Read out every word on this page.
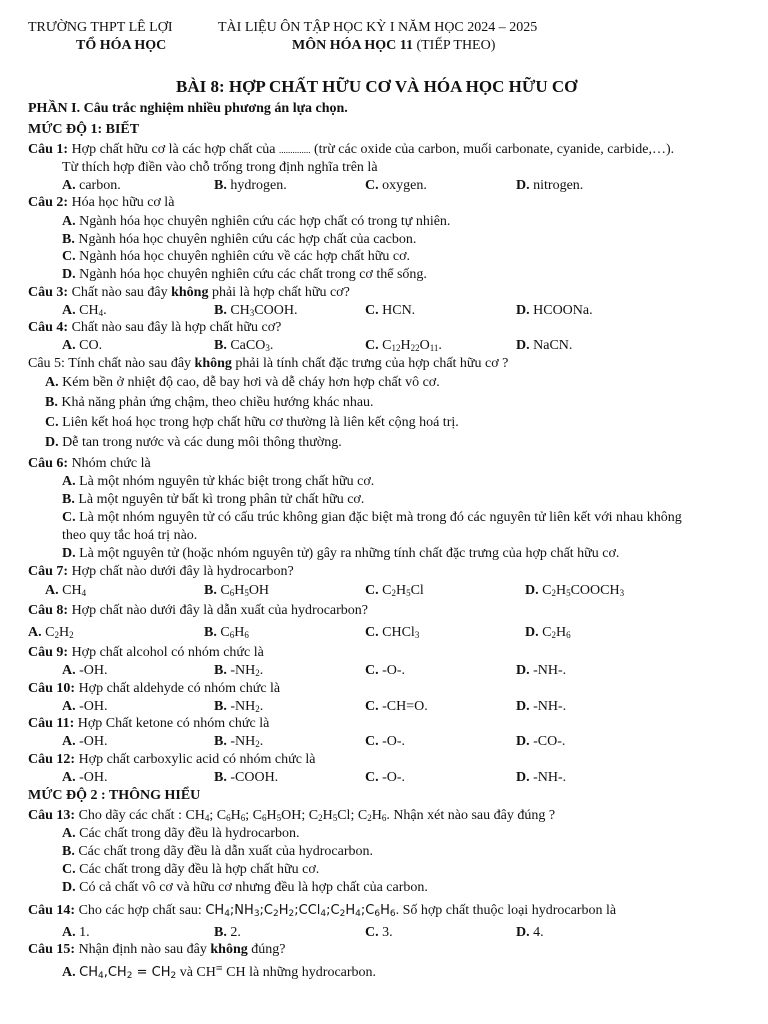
TRƯỜNG THPT LÊ LỢI	TÀI LIỆU ÔN TẬP HỌC KỲ I NĂM HỌC 2024 – 2025
TỔ HÓA HỌC	MÔN HÓA HỌC 11 (TIẾP THEO)
BÀI 8: HỢP CHẤT HỮU CƠ VÀ HÓA HỌC HỮU CƠ
PHẦN I. Câu trắc nghiệm nhiều phương án lựa chọn.
MỨC ĐỘ 1: BIẾT
Câu 1: Hợp chất hữu cơ là các hợp chất của .............. (trừ các oxide của carbon, muối carbonate, cyanide, carbide,…).
Từ thích hợp điền vào chỗ trống trong định nghĩa trên là
A. carbon.	B. hydrogen.	C. oxygen.	D. nitrogen.
Câu 2: Hóa học hữu cơ là
A. Ngành hóa học chuyên nghiên cứu các hợp chất có trong tự nhiên.
B. Ngành hóa học chuyên nghiên cứu các hợp chất của cacbon.
C. Ngành hóa học chuyên nghiên cứu về các hợp chất hữu cơ.
D. Ngành hóa học chuyên nghiên cứu các chất trong cơ thể sống.
Câu 3: Chất nào sau đây không phải là hợp chất hữu cơ?
A. $CH_4$.	B. $CH_3COOH$.	C. HCN.	D. HCOONa.
Câu 4: Chất nào sau đây là hợp chất hữu cơ?
A. CO.	B. CaCO$_3$.	C. $C_{12}H_{22}O_{11}$.	D. NaCN.
Câu 5: Tính chất nào sau đây không phải là tính chất đặc trưng của hợp chất hữu cơ ?
A. Kém bền ở nhiệt độ cao, dễ bay hơi và dễ cháy hơn hợp chất vô cơ.
B. Khả năng phản ứng chậm, theo chiều hướng khác nhau.
C. Liên kết hoá học trong hợp chất hữu cơ thường là liên kết cộng hoá trị.
D. Dễ tan trong nước và các dung môi thông thường.
Câu 6: Nhóm chức là
A. Là một nhóm nguyên tử khác biệt trong chất hữu cơ.
B. Là một nguyên tử bất kì trong phân tử chất hữu cơ.
C. Là một nhóm nguyên tử có cấu trúc không gian đặc biệt mà trong đó các nguyên tử liên kết với nhau không
theo quy tắc hoá trị nào.
D. Là một nguyên tử (hoặc nhóm nguyên tử) gây ra những tính chất đặc trưng của hợp chất hữu cơ.
Câu 7: Hợp chất nào dưới đây là hydrocarbon?
A. $CH_4$	B. $C_6H_5OH$	C. $C_2H_5Cl$	D. $C_2H_5COOCH_3$
Câu 8: Hợp chất nào dưới đây là dẫn xuất của hydrocarbon?
A. $C_2H_2$	B. $C_6H_6$	C. CHCl$_3$	D. $C_2H_6$
Câu 9: Hợp chất alcohol có nhóm chức là
A. -OH.	B. $-NH_2$.	C. -O-.	D. -NH-.
Câu 10: Hợp chất aldehyde có nhóm chức là
A. -OH.	B. $-NH_2$.	C. -CH=O.	D. -NH-.
Câu 11: Hợp Chất ketone có nhóm chức là
A. -OH.	B. $-NH_2$.	C. -O-.	D. -CO-.
Câu 12: Hợp chất carboxylic acid có nhóm chức là
A. -OH.	B. -COOH.	C. -O-.	D. -NH-.
MỨC ĐỘ 2 : THÔNG HIỂU
Câu 13: Cho dãy các chất : $CH_4$; $C_6H_6$; $C_6H_5OH$; $C_2H_5Cl$; $C_2H_6$. Nhận xét nào sau đây đúng ?
A. Các chất trong dãy đều là hydrocarbon.
B. Các chất trong dãy đều là dẫn xuất của hydrocarbon.
C. Các chất trong dãy đều là hợp chất hữu cơ.
D. Có cả chất vô cơ và hữu cơ nhưng đều là hợp chất của carbon.
Câu 14: Cho các hợp chất sau: $CH_4;NH_3;C_2H_2;CCl_4;C_2H_4;C_6H_6$. Số hợp chất thuộc loại hydrocarbon là
A. 1.	B. 2.	C. 3.	D. 4.
Câu 15: Nhận định nào sau đây không đúng?
A. $CH_4,CH_2 = CH_2$ và CH≡ CH là những hydrocarbon.
